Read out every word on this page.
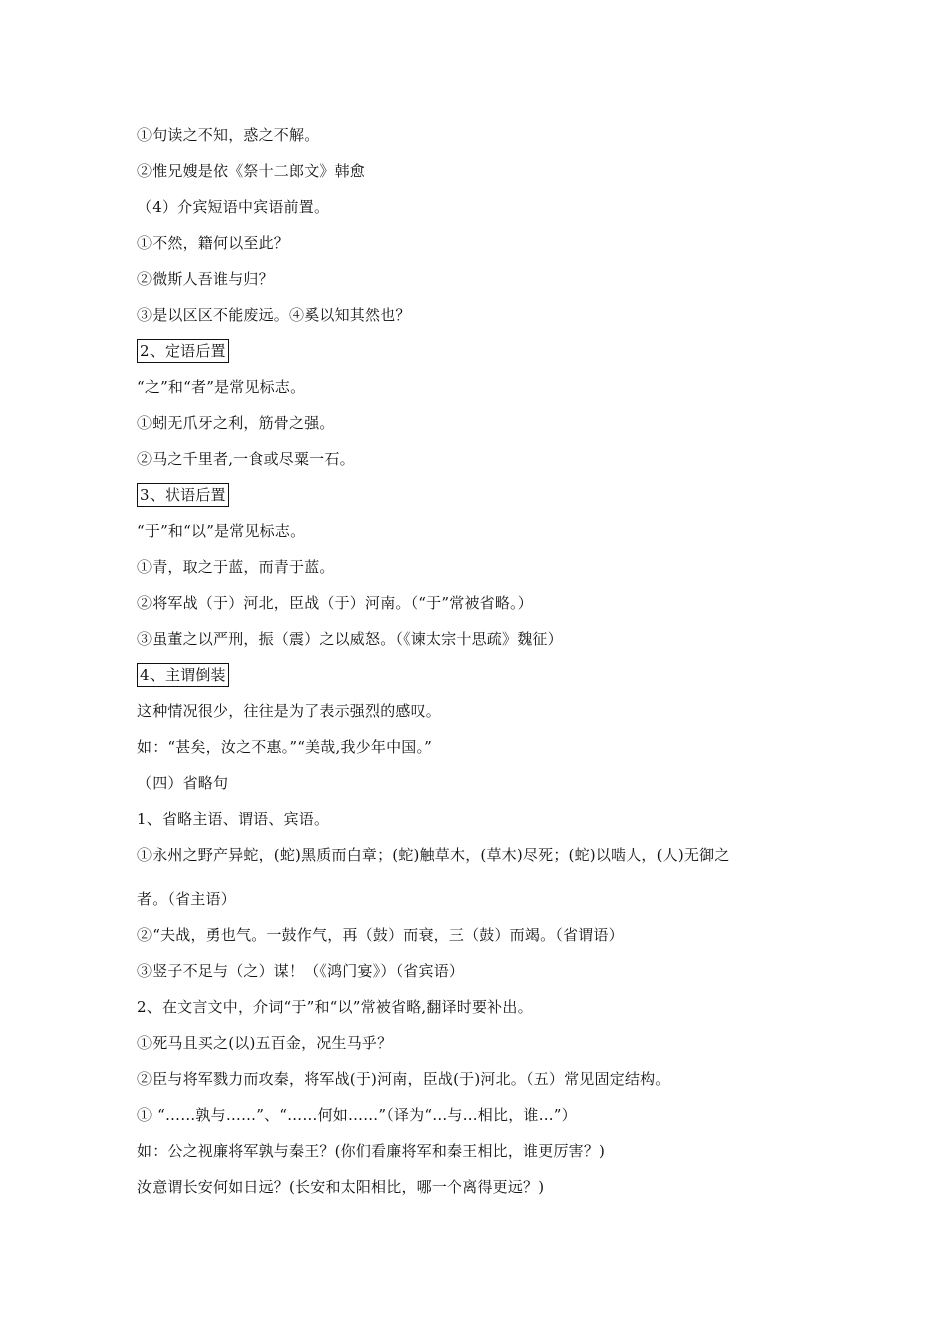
①句读之不知，惑之不解。
②惟兄嫂是依《祭十二郎文》韩愈
（4）介宾短语中宾语前置。
①不然，籍何以至此？
②微斯人吾谁与归？
③是以区区不能废远。④奚以知其然也？
2、定语后置
“之”和“者”是常见标志。
①蚓无爪牙之利，筋骨之强。
②马之千里者,一食或尽粟一石。
3、状语后置
“于”和“以”是常见标志。
①青，取之于蓝，而青于蓝。
②将军战（于）河北，臣战（于）河南。（“于”常被省略。）
③虽董之以严刑，振（震）之以威怒。（《谏太宗十思疏》魏征）
4、主谓倒装
这种情况很少，往往是为了表示强烈的感叹。
如：“甚矣，汝之不惠。”“美哉,我少年中国。”
（四）省略句
1、省略主语、谓语、宾语。
①永州之野产异蛇，(蛇)黑质而白章；(蛇)触草木，(草木)尽死；(蛇)以啮人，(人)无御之
者。（省主语）
②“夫战，勇也气。一鼓作气，再（鼓）而衰，三（鼓）而竭。（省谓语）
③竖子不足与（之）谋！（《鸿门宴》）（省宾语）
2、在文言文中，介词“于”和“以”常被省略,翻译时要补出。
①死马且买之(以)五百金，况生马乎？
②臣与将军戮力而攻秦，将军战(于)河南，臣战(于)河北。（五）常见固定结构。
① “……孰与……”、“……何如……”（译为“…与…相比，谁…”）
如：公之视廉将军孰与秦王？(你们看廉将军和秦王相比，谁更厉害？)
汝意谓长安何如日远？(长安和太阳相比，哪一个离得更远？)
